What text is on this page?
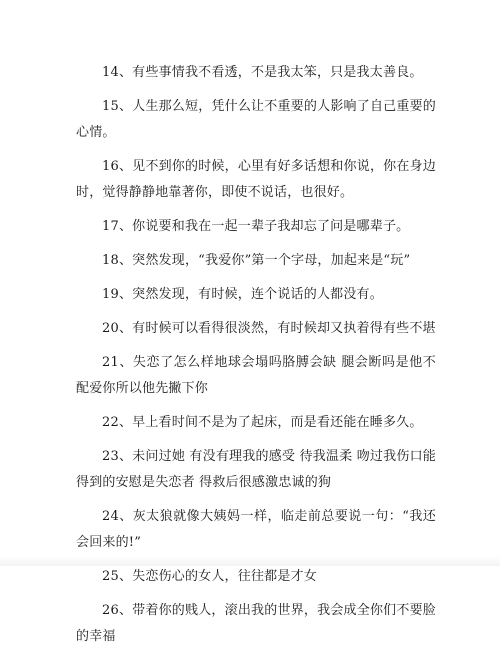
14、有些事情我不看透，不是我太笨，只是我太善良。

15、人生那么短，凭什么让不重要的人影响了自己重要的心情。

16、见不到你的时候，心里有好多话想和你说，你在身边时，觉得静静地靠著你，即使不说话，也很好。

17、你说要和我在一起一辈子我却忘了问是哪辈子。

18、突然发现，“我爱你”第一个字母，加起来是“玩”

19、突然发现，有时候，连个说话的人都没有。

20、有时候可以看得很淡然，有时候却又执着得有些不堪

21、失恋了怎么样地球会塌吗胳膊会缺 腿会断吗是他不配爱你所以他先撇下你

22、早上看时间不是为了起床，而是看还能在睡多久。

23、未问过她 有没有理我的感受 待我温柔 吻过我伤口能得到的安慰是失恋者 得救后很感激忠诚的狗

24、灰太狼就像大姨妈一样，临走前总要说一句：“我还会回来的!”

25、失恋伤心的女人，往往都是才女

26、带着你的贱人，滚出我的世界，我会成全你们不要脸的幸福
